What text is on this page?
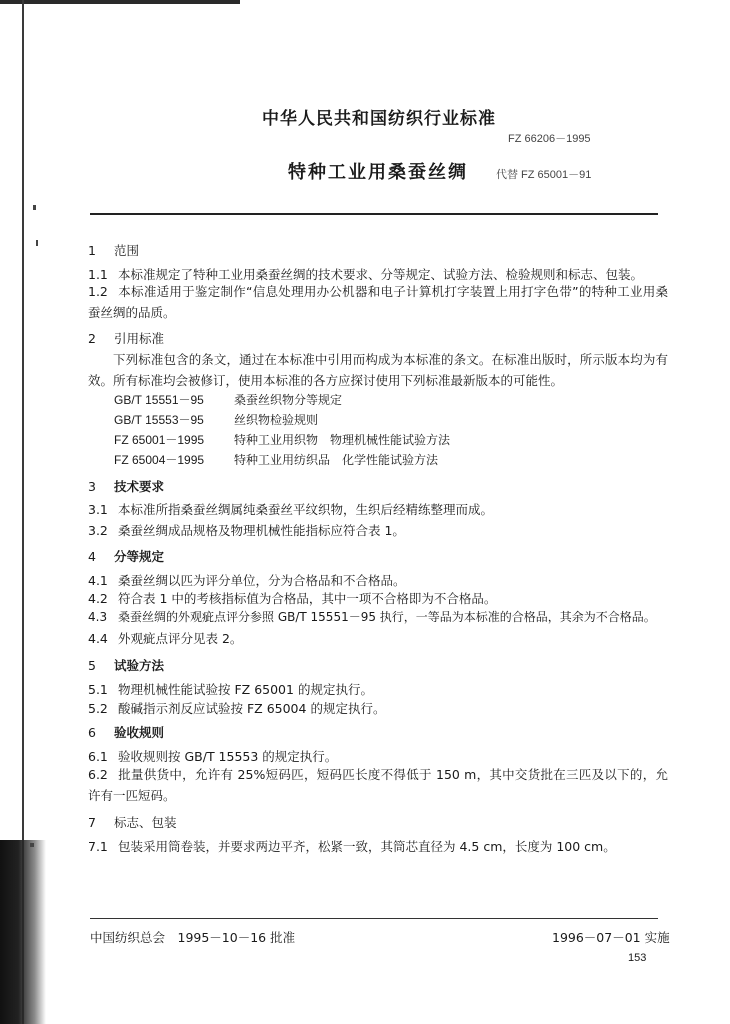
中华人民共和国纺织行业标准
FZ 66206－1995
特种工业用桑蚕丝绸	代替 FZ 65001－91
1 范围
1.1 本标准规定了特种工业用桑蚕丝绸的技术要求、分等规定、试验方法、检验规则和标志、包装。
1.2 本标准适用于鉴定制作“信息处理用办公机器和电子计算机打字装置上用打字色带”的特种工业用桑蚕丝绸的品质。
2 引用标准
下列标准包含的条文，通过在本标准中引用而构成为本标准的条文。在标准出版时，所示版本均为有效。所有标准均会被修订，使用本标准的各方应探讨使用下列标准最新版本的可能性。
GB/T 15551－95	桑蚕丝织物分等规定
GB/T 15553－95	丝织物检验规则
FZ 65001－1995 特种工业用织物　物理机械性能试验方法
FZ 65004－1995 特种工业用纺织品　化学性能试验方法
3 技术要求
3.1 本标准所指桑蚕丝绸属纯桑蚕丝平纹织物，生织后经精练整理而成。
3.2 桑蚕丝绸成品规格及物理机械性能指标应符合表 1。
4 分等规定
4.1 桑蚕丝绸以匹为评分单位，分为合格品和不合格品。
4.2 符合表 1 中的考核指标值为合格品，其中一项不合格即为不合格品。
4.3 桑蚕丝绸的外观疵点评分参照 GB/T 15551－95 执行，一等品为本标准的合格品，其余为不合格品。
4.4 外观疵点评分见表 2。
5 试验方法
5.1 物理机械性能试验按 FZ 65001 的规定执行。
5.2 酸碱指示剂反应试验按 FZ 65004 的规定执行。
6 验收规则
6.1 验收规则按 GB/T 15553 的规定执行。
6.2 批量供货中，允许有 25%短码匹，短码匹长度不得低于 150 m，其中交货批在三匹及以下的，允许有一匹短码。
7 标志、包装
7.1 包装采用筒卷装，并要求两边平齐，松紧一致，其筒芯直径为 4.5 cm，长度为 100 cm。
中国纺织总会　1995－10－16 批准	1996－07－01 实施
153
